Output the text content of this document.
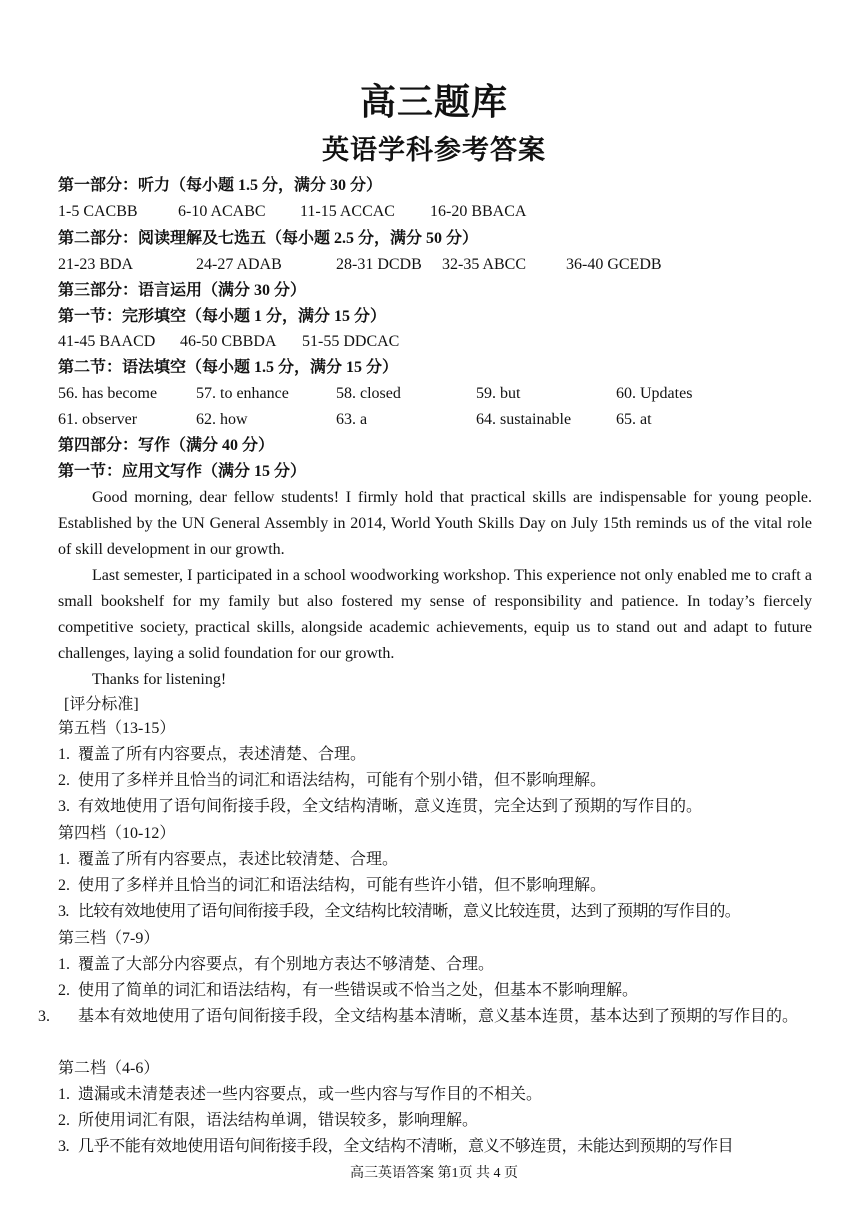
高三题库
英语学科参考答案
第一部分：听力（每小题 1.5 分，满分 30 分）
1-5 CACBB	6-10 ACABC 11-15 ACCAC 16-20 BBACA
第二部分：阅读理解及七选五（每小题 2.5 分，满分 50 分）
21-23 BDA	24-27 ADAB	28-31 DCDB 32-35 ABCC 36-40 GCEDB
第三部分：语言运用（满分 30 分）
第一节：完形填空（每小题 1 分，满分 15 分）
41-45 BAACD 46-50 CBBDA 51-55 DDCAC
第二节：语法填空（每小题 1.5 分，满分 15 分）
56. has become 57. to enhance	58. closed	59. but	60. Updates
61. observer	62. how	63. a	64. sustainable	65. at
第四部分：写作（满分 40 分）
第一节：应用文写作（满分 15 分）
Good morning, dear fellow students! I firmly hold that practical skills are indispensable for young people. Established by the UN General Assembly in 2014, World Youth Skills Day on July 15th reminds us of the vital role of skill development in our growth.
Last semester, I participated in a school woodworking workshop. This experience not only enabled me to craft a small bookshelf for my family but also fostered my sense of responsibility and patience. In today’s fiercely competitive society, practical skills, alongside academic achievements, equip us to stand out and adapt to future challenges, laying a solid foundation for our growth.
Thanks for listening!
[评分标准]
第五档（13-15）
1. 覆盖了所有内容要点，表述清楚、合理。
2. 使用了多样并且恰当的词汇和语法结构，可能有个别小错，但不影响理解。
3. 有效地使用了语句间衔接手段，全文结构清晰，意义连贯，完全达到了预期的写作目的。
第四档（10-12）
1. 覆盖了所有内容要点，表述比较清楚、合理。
2. 使用了多样并且恰当的词汇和语法结构，可能有些许小错，但不影响理解。
3. 比较有效地使用了语句间衔接手段，全文结构比较清晰，意义比较连贯，达到了预期的写作目的。
第三档（7-9）
1. 覆盖了大部分内容要点，有个别地方表达不够清楚、合理。
2. 使用了简单的词汇和语法结构，有一些错误或不恰当之处，但基本不影响理解。
3. 基本有效地使用了语句间衔接手段，全文结构基本清晰，意义基本连贯，基本达到了预期的写作目的。
第二档（4-6）
1. 遗漏或未清楚表述一些内容要点，或一些内容与写作目的不相关。
2. 所使用词汇有限，语法结构单调，错误较多，影响理解。
3. 几乎不能有效地使用语句间衔接手段，全文结构不清晰，意义不够连贯，未能达到预期的写作目
高三英语答案 第1页 共 4 页
